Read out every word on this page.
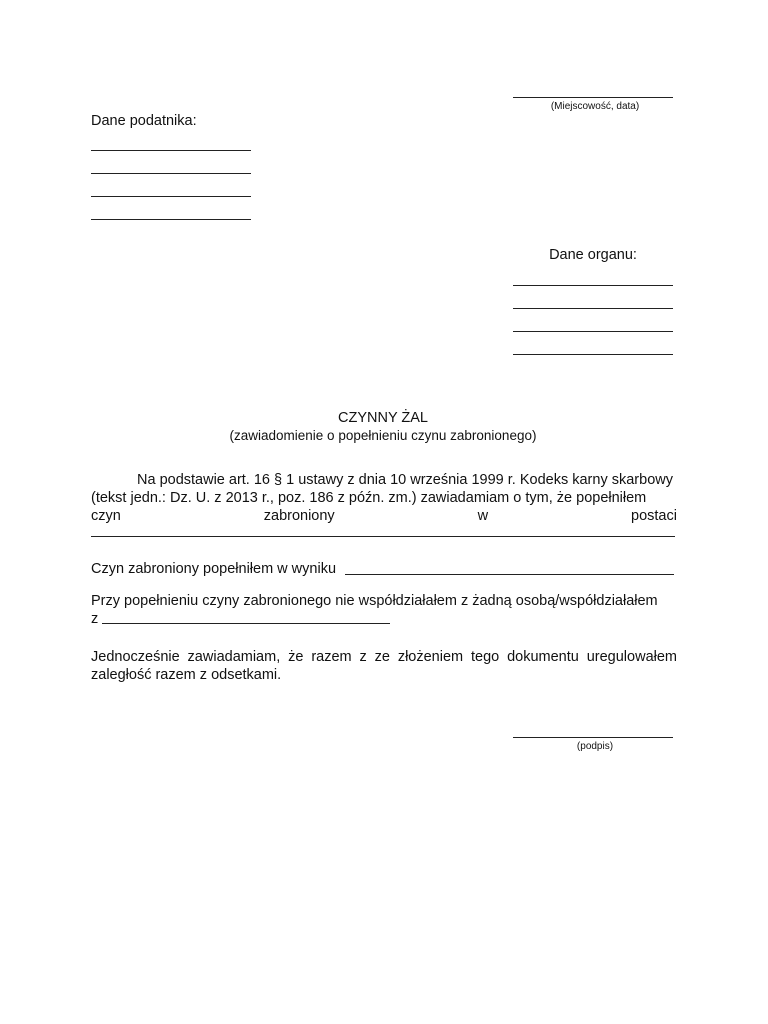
(Miejscowość, data)
Dane podatnika:
Dane organu:
CZYNNY ŻAL
(zawiadomienie o popełnieniu czynu zabronionego)
Na podstawie art. 16 § 1 ustawy z dnia 10 września 1999 r. Kodeks karny skarbowy
(tekst jedn.: Dz. U. z 2013 r., poz. 186 z późn. zm.) zawiadamiam o tym, że popełniłem
czyn	zabroniony	w	postaci
Czyn zabroniony popełniłem w wyniku
Przy popełnieniu czyny zabronionego nie współdziałałem z żadną osobą/współdziałałem
z
Jednocześnie zawiadamiam, że razem z ze złożeniem tego dokumentu uregulowałem zaległość razem z odsetkami.
(podpis)
